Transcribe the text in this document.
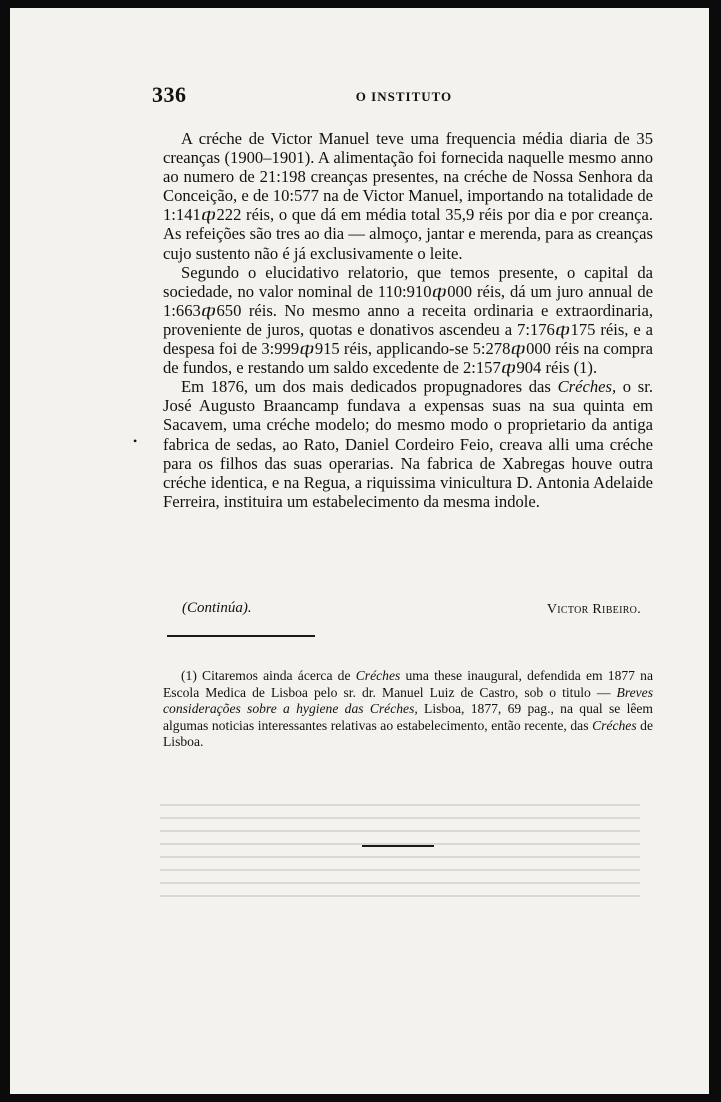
336	O INSTITUTO
•

A créche de Victor Manuel teve uma frequencia média diaria de 35 creanças (1900–1901). A alimentação foi fornecida naquelle mesmo anno ao numero de 21:198 creanças presentes, na créche de Nossa Senhora da Conceição, e de 10:577 na de Victor Manuel, importando na totalidade de 1:141ⴔ222 réis, o que dá em média total 35,9 réis por dia e por creança. As refeições são tres ao dia — almoço, jantar e merenda, para as creanças cujo sustento não é já exclusivamente o leite.

Segundo o elucidativo relatorio, que temos presente, o capital da sociedade, no valor nominal de 110:910ⴔ000 réis, dá um juro annual de 1:663ⴔ650 réis. No mesmo anno a receita ordinaria e extraordinaria, proveniente de juros, quotas e donativos ascendeu a 7:176ⴔ175 réis, e a despesa foi de 3:999ⴔ915 réis, applicando-se 5:278ⴔ000 réis na compra de fundos, e restando um saldo excedente de 2:157ⴔ904 réis (1).

Em 1876, um dos mais dedicados propugnadores das Créches, o sr. José Augusto Braancamp fundava a expensas suas na sua quinta em Sacavem, uma créche modelo; do mesmo modo o proprietario da antiga fabrica de sedas, ao Rato, Daniel Cordeiro Feio, creava alli uma créche para os filhos das suas operarias. Na fabrica de Xabregas houve outra créche identica, e na Regua, a riquissima vinicultura D. Antonia Adelaide Ferreira, instituira um estabelecimento da mesma indole.

(Continúa).	Victor Ribeiro.

(1) Citaremos ainda ácerca de Créches uma these inaugural, defendida em 1877 na Escola Medica de Lisboa pelo sr. dr. Manuel Luiz de Castro, sob o titulo — Breves considerações sobre a hygiene das Créches, Lisboa, 1877, 69 pag., na qual se lêem algumas noticias interessantes relativas ao estabelecimento, então recente, das Créches de Lisboa.
